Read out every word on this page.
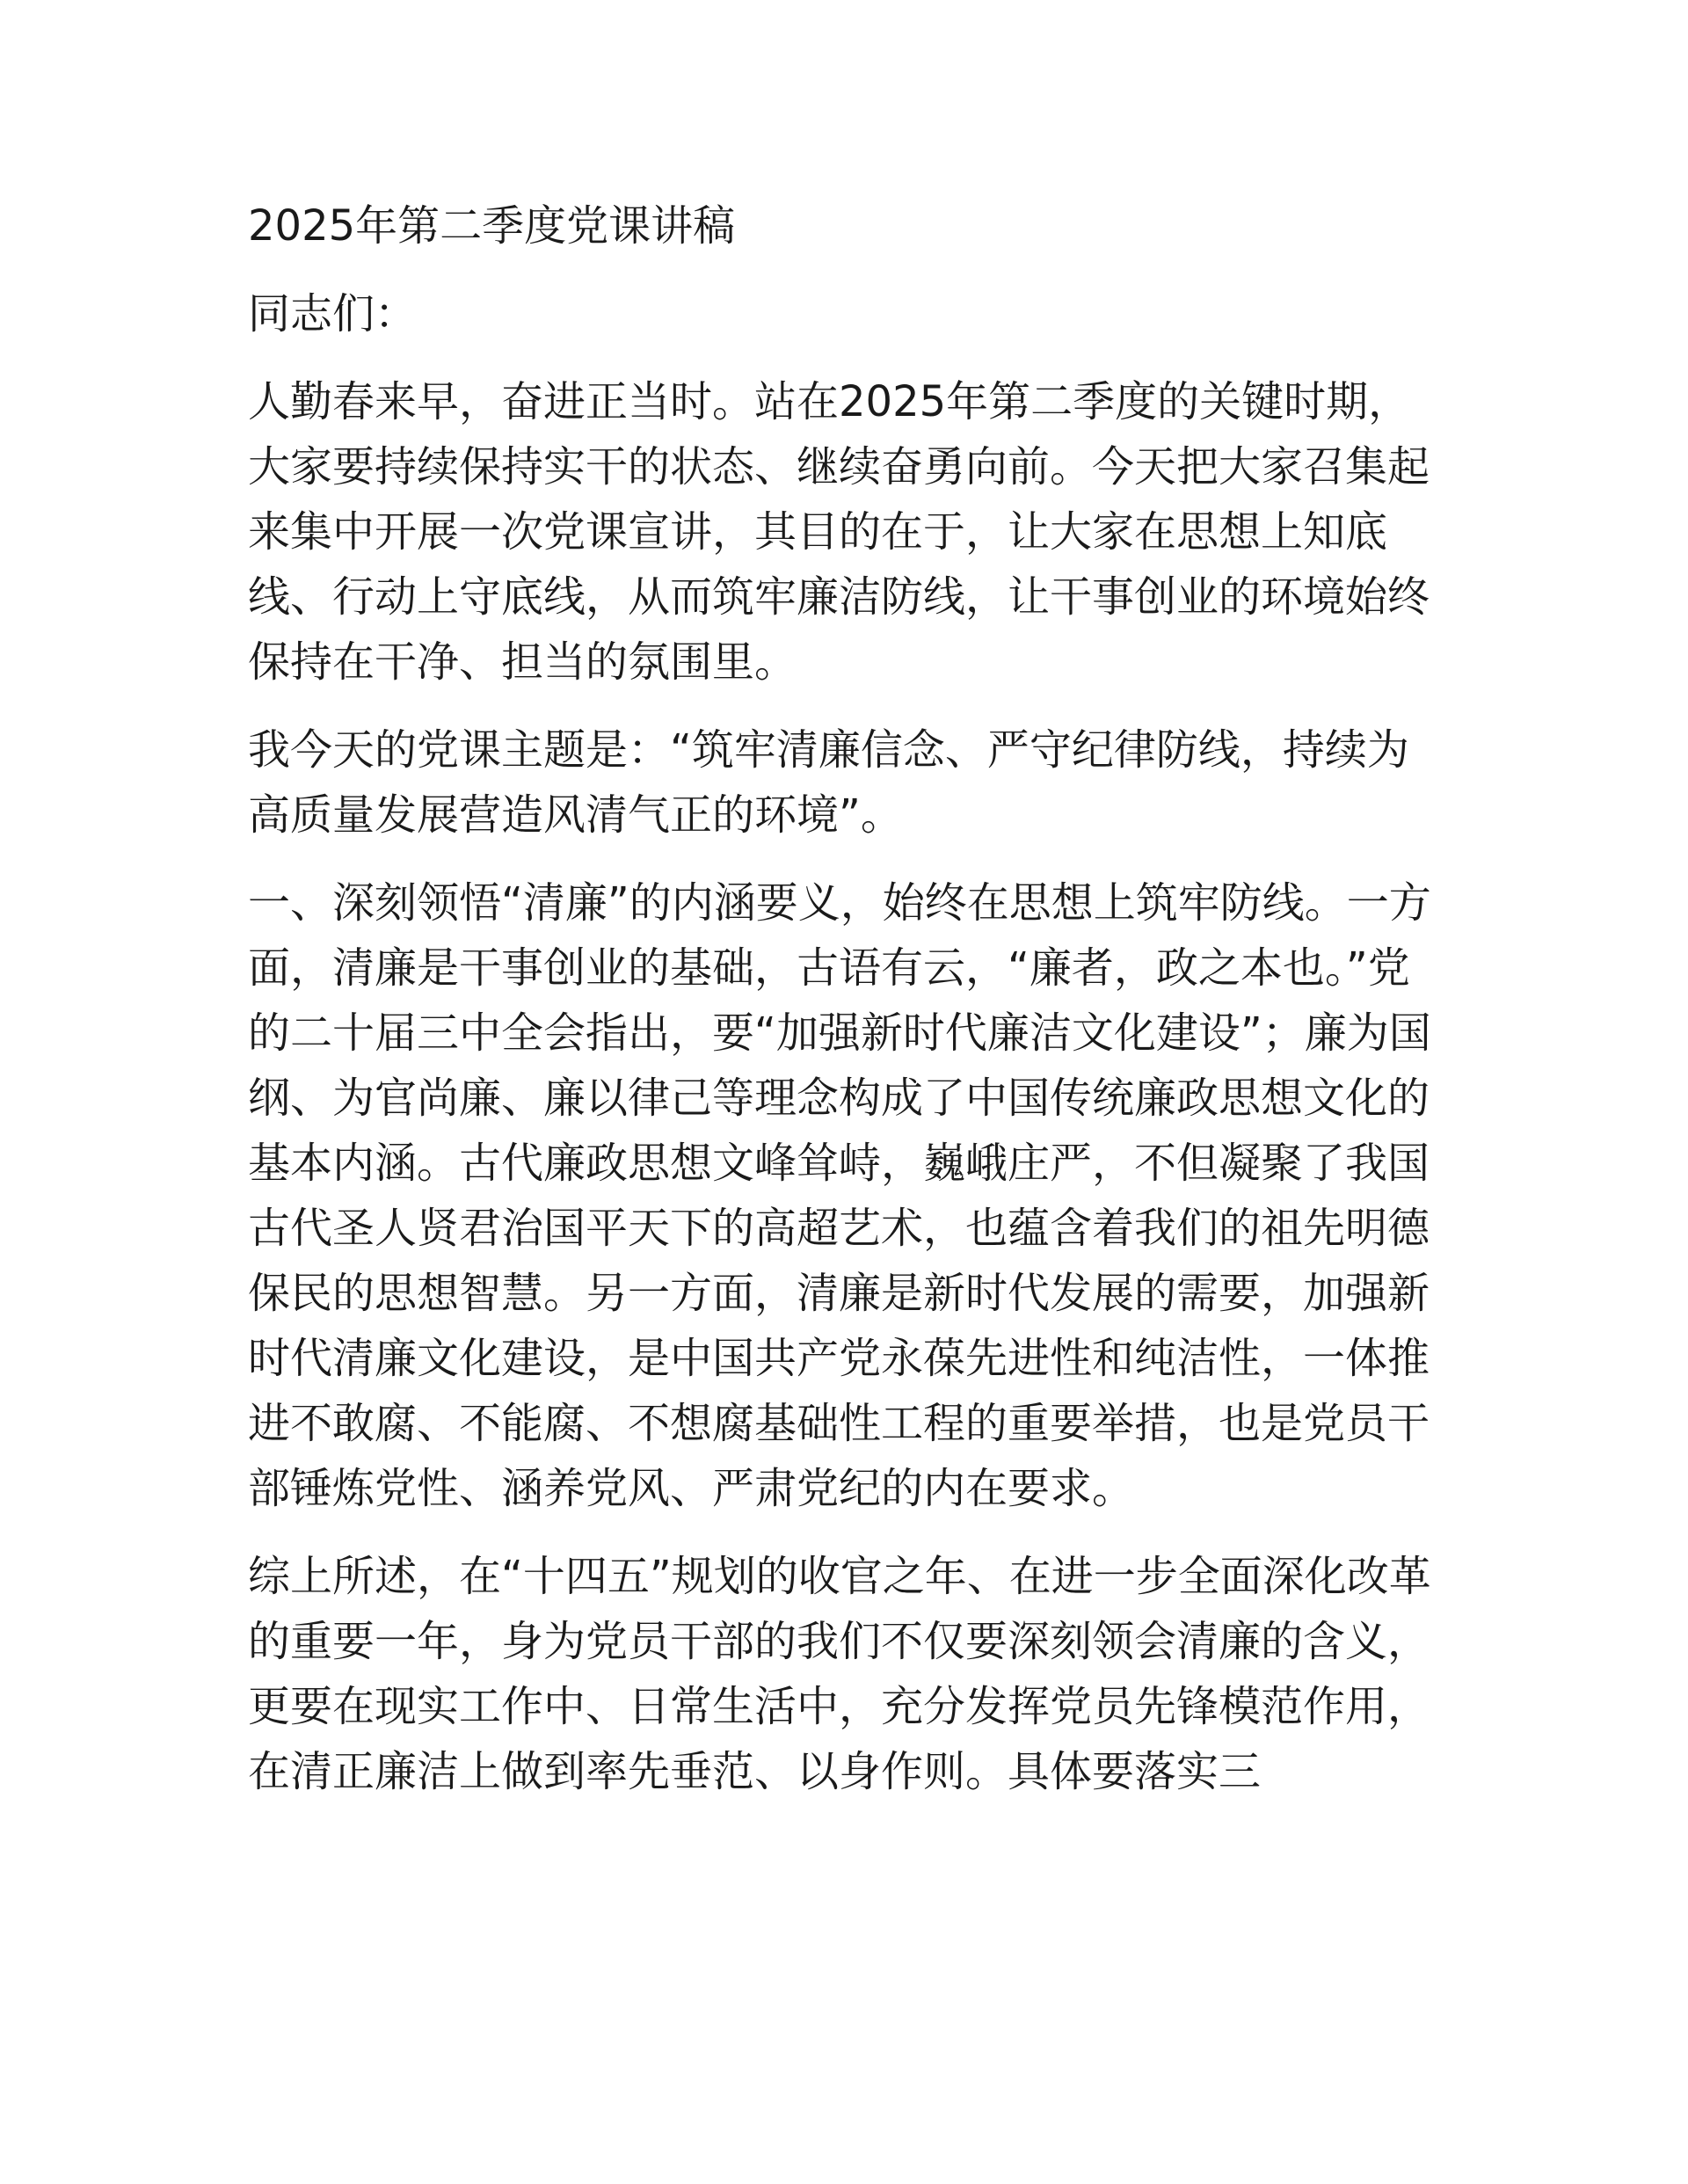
2025年第二季度党课讲稿

同志们：

人勤春来早，奋进正当时。站在2025年第二季度的关键时期，大家要持续保持实干的状态、继续奋勇向前。今天把大家召集起来集中开展一次党课宣讲，其目的在于，让大家在思想上知底线、行动上守底线，从而筑牢廉洁防线，让干事创业的环境始终保持在干净、担当的氛围里。

我今天的党课主题是：“筑牢清廉信念、严守纪律防线，持续为高质量发展营造风清气正的环境”。

一、深刻领悟“清廉”的内涵要义，始终在思想上筑牢防线。一方面，清廉是干事创业的基础，古语有云，“廉者，政之本也。”党的二十届三中全会指出，要“加强新时代廉洁文化建设”；廉为国纲、为官尚廉、廉以律己等理念构成了中国传统廉政思想文化的基本内涵。古代廉政思想文峰耸峙，巍峨庄严，不但凝聚了我国古代圣人贤君治国平天下的高超艺术，也蕴含着我们的祖先明德保民的思想智慧。另一方面，清廉是新时代发展的需要，加强新时代清廉文化建设，是中国共产党永葆先进性和纯洁性，一体推进不敢腐、不能腐、不想腐基础性工程的重要举措，也是党员干部锤炼党性、涵养党风、严肃党纪的内在要求。

综上所述，在“十四五”规划的收官之年、在进一步全面深化改革的重要一年，身为党员干部的我们不仅要深刻领会清廉的含义，更要在现实工作中、日常生活中，充分发挥党员先锋模范作用，在清正廉洁上做到率先垂范、以身作则。具体要落实三
